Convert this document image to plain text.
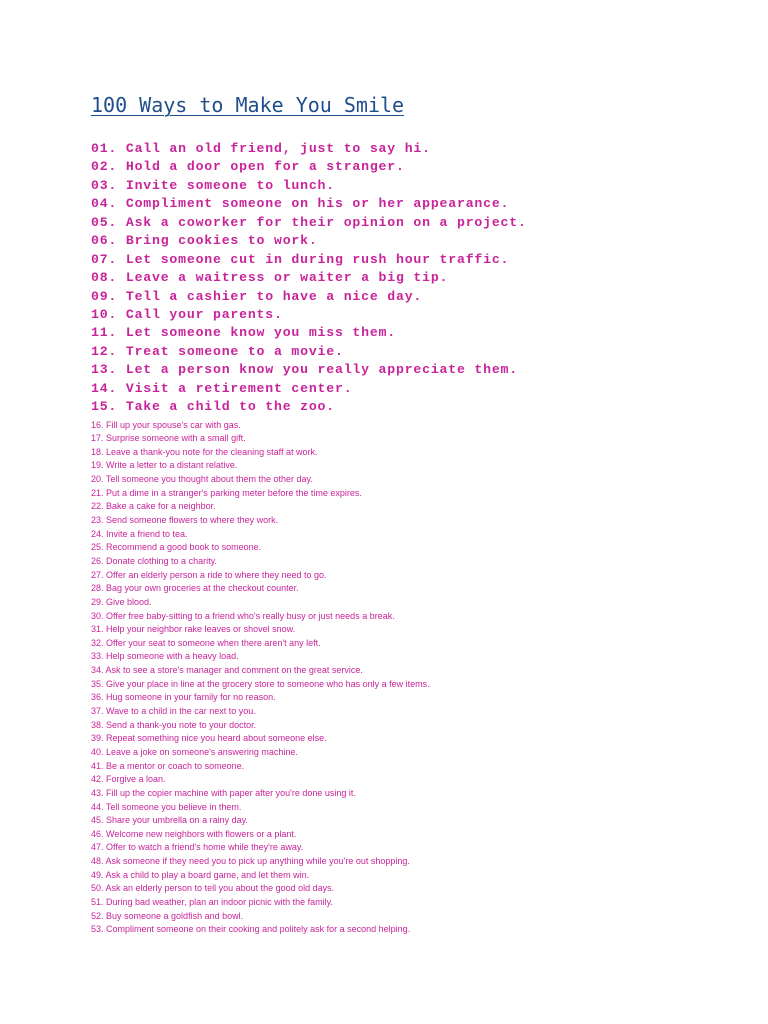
100 Ways to Make You Smile
01. Call an old friend, just to say hi.
02. Hold a door open for a stranger.
03. Invite someone to lunch.
04. Compliment someone on his or her appearance.
05. Ask a coworker for their opinion on a project.
06. Bring cookies to work.
07. Let someone cut in during rush hour traffic.
08. Leave a waitress or waiter a big tip.
09. Tell a cashier to have a nice day.
10. Call your parents.
11. Let someone know you miss them.
12. Treat someone to a movie.
13. Let a person know you really appreciate them.
14. Visit a retirement center.
15. Take a child to the zoo.
16. Fill up your spouse's car with gas.
17. Surprise someone with a small gift.
18. Leave a thank-you note for the cleaning staff at work.
19. Write a letter to a distant relative.
20. Tell someone you thought about them the other day.
21. Put a dime in a stranger's parking meter before the time expires.
22. Bake a cake for a neighbor.
23. Send someone flowers to where they work.
24. Invite a friend to tea.
25. Recommend a good book to someone.
26. Donate clothing to a charity.
27. Offer an elderly person a ride to where they need to go.
28. Bag your own groceries at the checkout counter.
29. Give blood.
30. Offer free baby-sitting to a friend who's really busy or just needs a break.
31. Help your neighbor rake leaves or shovel snow.
32. Offer your seat to someone when there aren't any left.
33. Help someone with a heavy load.
34. Ask to see a store's manager and comment on the great service.
35. Give your place in line at the grocery store to someone who has only a few items.
36. Hug someone in your family for no reason.
37. Wave to a child in the car next to you.
38. Send a thank-you note to your doctor.
39. Repeat something nice you heard about someone else.
40. Leave a joke on someone's answering machine.
41. Be a mentor or coach to someone.
42. Forgive a loan.
43. Fill up the copier machine with paper after you're done using it.
44. Tell someone you believe in them.
45. Share your umbrella on a rainy day.
46. Welcome new neighbors with flowers or a plant.
47. Offer to watch a friend's home while they're away.
48. Ask someone if they need you to pick up anything while you're out shopping.
49. Ask a child to play a board game, and let them win.
50. Ask an elderly person to tell you about the good old days.
51. During bad weather, plan an indoor picnic with the family.
52. Buy someone a goldfish and bowl.
53. Compliment someone on their cooking and politely ask for a second helping.
